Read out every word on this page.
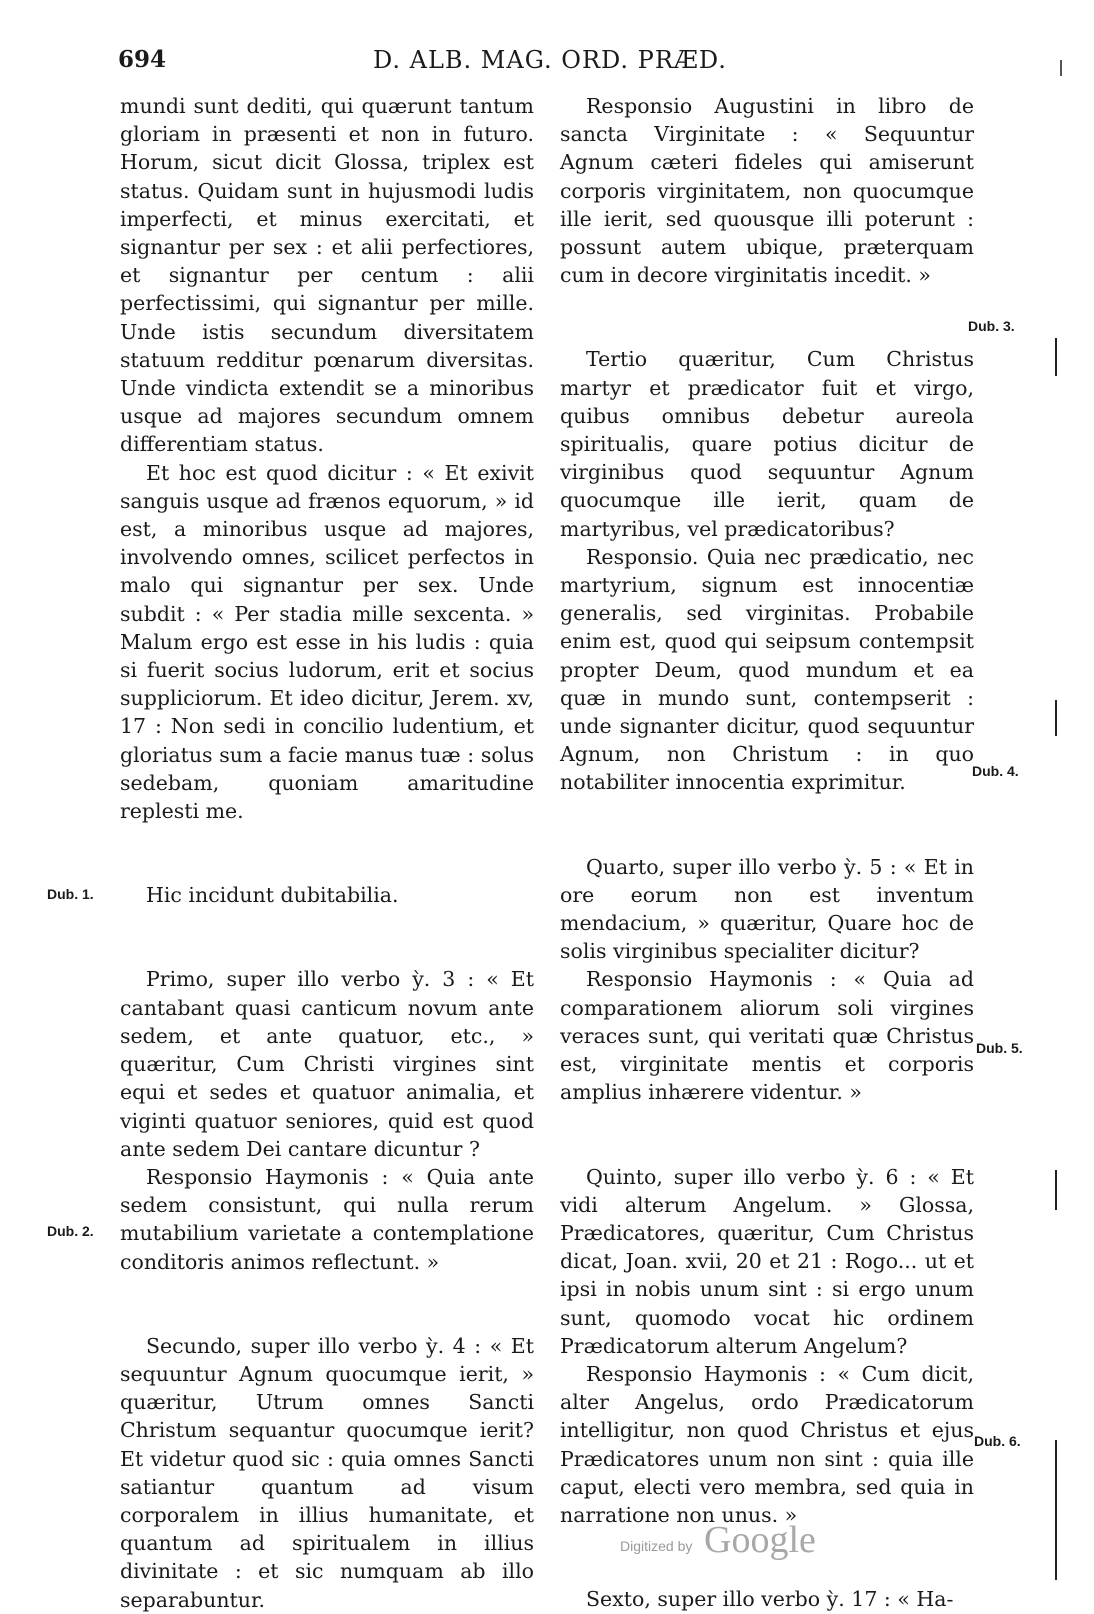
694	D. ALB. MAG. ORD. PRÆD.

mundi sunt dediti, qui quærunt tantum gloriam in præsenti et non in futuro. Horum, sicut dicit Glossa, triplex est status. Quidam sunt in hujusmodi ludis imperfecti, et minus exercitati, et signantur per sex : et alii perfectiores, et signantur per centum : alii perfectissimi, qui signantur per mille. Unde istis secundum diversitatem statuum redditur pœnarum diversitas. Unde vindicta extendit se a minoribus usque ad majores secundum omnem differentiam status.

Et hoc est quod dicitur : « Et exivit sanguis usque ad frænos equorum, » id est, a minoribus usque ad majores, involvendo omnes, scilicet perfectos in malo qui signantur per sex. Unde subdit : « Per stadia mille sexcenta. » Malum ergo est esse in his ludis : quia si fuerit socius ludorum, erit et socius suppliciorum. Et ideo dicitur, Jerem. xv, 17 : Non sedi in concilio ludentium, et gloriatus sum a facie manus tuæ : solus sedebam, quoniam amaritudine replesti me.

Hic incidunt dubitabilia.

Primo, super illo verbo ỳ. 3 : « Et cantabant quasi canticum novum ante sedem, et ante quatuor, etc., » quæritur, Cum Christi virgines sint equi et sedes et quatuor animalia, et viginti quatuor seniores, quid est quod ante sedem Dei cantare dicuntur ?

Responsio Haymonis : « Quia ante sedem consistunt, qui nulla rerum mutabilium varietate a contemplatione conditoris animos reflectunt. »

Secundo, super illo verbo ỳ. 4 : « Et sequuntur Agnum quocumque ierit, » quæritur, Utrum omnes Sancti Christum sequantur quocumque ierit? Et videtur quod sic : quia omnes Sancti satiantur quantum ad visum corporalem in illius humanitate, et quantum ad spiritualem in illius divinitate : et sic numquam ab illo separabuntur.

Responsio Augustini in libro de sancta Virginitate : « Sequuntur Agnum cæteri fideles qui amiserunt corporis virginitatem, non quocumque ille ierit, sed quousque illi poterunt : possunt autem ubique, præterquam cum in decore virginitatis incedit. »

Tertio quæritur, Cum Christus martyr et prædicator fuit et virgo, quibus omnibus debetur aureola spiritualis, quare potius dicitur de virginibus quod sequuntur Agnum quocumque ille ierit, quam de martyribus, vel prædicatoribus?

Responsio. Quia nec prædicatio, nec martyrium, signum est innocentiæ generalis, sed virginitas. Probabile enim est, quod qui seipsum contempsit propter Deum, quod mundum et ea quæ in mundo sunt, contempserit : unde signanter dicitur, quod sequuntur Agnum, non Christum : in quo notabiliter innocentia exprimitur.

Quarto, super illo verbo ỳ. 5 : « Et in ore eorum non est inventum mendacium, » quæritur, Quare hoc de solis virginibus specialiter dicitur?

Responsio Haymonis : « Quia ad comparationem aliorum soli virgines veraces sunt, qui veritati quæ Christus est, virginitate mentis et corporis amplius inhærere videntur. »

Quinto, super illo verbo ỳ. 6 : « Et vidi alterum Angelum. » Glossa, Prædicatores, quæritur, Cum Christus dicat, Joan. xvii, 20 et 21 : Rogo... ut et ipsi in nobis unum sint : si ergo unum sunt, quomodo vocat hic ordinem Prædicatorum alterum Angelum?

Responsio Haymonis : « Cum dicit, alter Angelus, ordo Prædicatorum intelligitur, non quod Christus et ejus Prædicatores unum non sint : quia ille caput, electi vero membra, sed quia in narratione non unus. »

Sexto, super illo verbo ỳ. 17 : « Ha-

Dub. 1.
Dub. 2.
Dub. 3.
Dub. 4.
Dub. 5.
Dub. 6.
Digitized by Google
